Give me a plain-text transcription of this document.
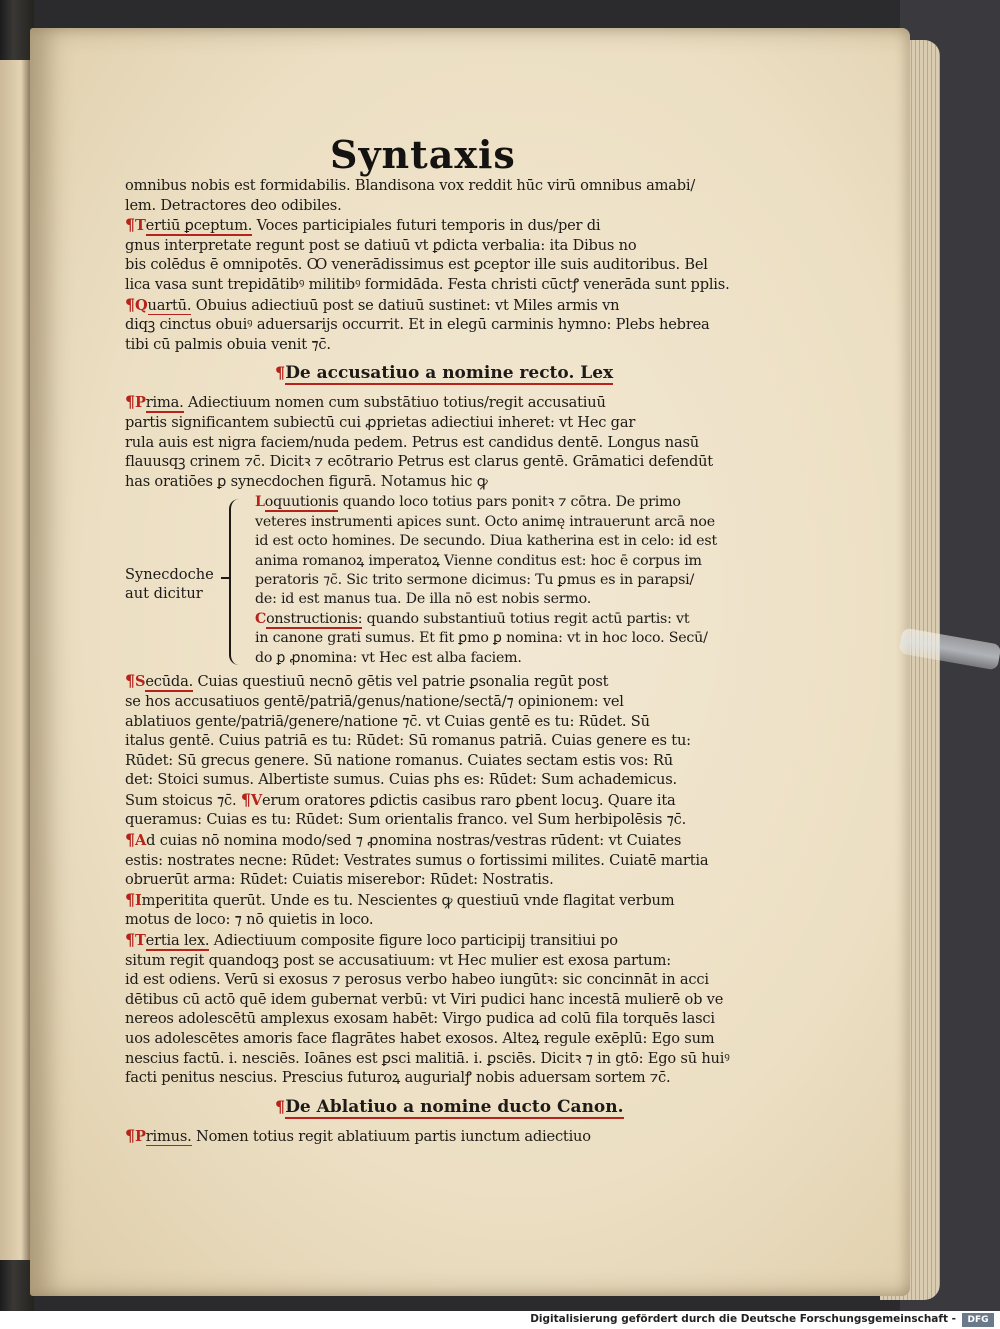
Syntaxis
omnibus nobis est formidabilis. Blandisona vox reddit hūc virū omnibus amabi/
lem. Detractores deo odibiles.
¶Tertiū ꝑceptum. Voces participiales futuri temporis in dus/per di
gnus interpretate regunt post se datiuū vt ꝑdicta verbalia: ita Dibus no
bis colēdus ē omnipotēs. Ꝏ venerādissimus est ꝑceptor ille suis auditoribus. Bel
lica vasa sunt trepidātibꝰ militibꝰ formidāda. Festa christi cūctꝭ venerāda sunt pplis.
¶Quartū. Obuius adiectiuū post se datiuū sustinet: vt Miles armis vn
diqꝫ cinctus obuiꝰ aduersarijs occurrit. Et in elegū carminis hymno: Plebs hebrea
tibi cū palmis obuia venit ⁊c̄.
¶De accusatiuo a nomine recto. Lex
¶Prima. Adiectiuum nomen cum substātiuo totius/regit accusatiuū
partis significantem subiectū cui ꝓprietas adiectiui inheret: vt Hec gar
rula auis est nigra faciem/nuda pedem. Petrus est candidus dentē. Longus nasū
flauusqꝫ crinem ⁊c̄. Dicitꝛ ⁊ ecōtrario Petrus est clarus gentē. Grāmatici defendūt
has oratiōes ꝑ synecdochen figurā. Notamus hic ꝙ
Synecdoche
aut dicitur
Loquutionis quando loco totius pars ponitꝛ ⁊ cōtra. De primo
veteres instrumenti apices sunt. Octo animę intrauerunt arcā noe
id est octo homines. De secundo. Diua katherina est in celo: id est
anima romanoꝝ imperatoꝝ Vienne conditus est: hoc ē corpus im
peratoris ⁊c̄. Sic trito sermone dicimus: Tu ꝑmus es in parapsi/
de: id est manus tua. De illa nō est nobis sermo.
Constructionis: quando substantiuū totius regit actū partis: vt
in canone grati sumus. Et fit ꝑmo ꝑ nomina: vt in hoc loco. Secū/
do ꝑ ꝓnomina: vt Hec est alba faciem.
¶Secūda. Cuias questiuū necnō gētis vel patrie ꝑsonalia regūt post
se hos accusatiuos gentē/patriā/genus/natione/sectā/⁊ opinionem: vel
ablatiuos gente/patriā/genere/natione ⁊c̄. vt Cuias gentē es tu: Rūdet. Sū
italus gentē. Cuius patriā es tu: Rūdet: Sū romanus patriā. Cuias genere es tu:
Rūdet: Sū grecus genere. Sū natione romanus. Cuiates sectam estis vos: Rū
det: Stoici sumus. Albertiste sumus. Cuias phs es: Rūdet: Sum achademicus.
Sum stoicus ⁊c̄. ¶Verum oratores ꝑdictis casibus raro ꝑbent locuꝫ. Quare ita
queramus: Cuias es tu: Rūdet: Sum orientalis franco. vel Sum herbipolēsis ⁊c̄.
¶Ad cuias nō nomina modo/sed ⁊ ꝓnomina nostras/vestras rūdent: vt Cuiates
estis: nostrates necne: Rūdet: Vestrates sumus o fortissimi milites. Cuiatē martia
obruerūt arma: Rūdet: Cuiatis miserebor: Rūdet: Nostratis.
¶Imperitita querūt. Unde es tu. Nescientes ꝙ questiuū vnde flagitat verbum
motus de loco: ⁊ nō quietis in loco.
¶Tertia lex. Adiectiuum composite figure loco participij transitiui po
situm regit quandoqꝫ post se accusatiuum: vt Hec mulier est exosa partum:
id est odiens. Verū si exosus ⁊ perosus verbo habeo iungūtꝛ: sic concinnāt in acci
dētibus cū actō quē idem gubernat verbū: vt Viri pudici hanc incestā mulierē ob ve
nereos adolescētū amplexus exosam habēt: Virgo pudica ad colū fila torquēs lasci
uos adolescētes amoris face flagrātes habet exosos. Alteꝝ regule exēplū: Ego sum
nescius factū. i. nesciēs. Ioānes est ꝑsci malitiā. i. ꝑsciēs. Dicitꝛ ⁊ in gtō: Ego sū huiꝰ
facti penitus nescius. Prescius futuroꝝ augurialꝭ nobis aduersam sortem ⁊c̄.
¶De Ablatiuo a nomine ducto Canon.
¶Primus. Nomen totius regit ablatiuum partis iunctum adiectiuo
Digitalisierung gefördert durch die Deutsche Forschungsgemeinschaft -	DFG
